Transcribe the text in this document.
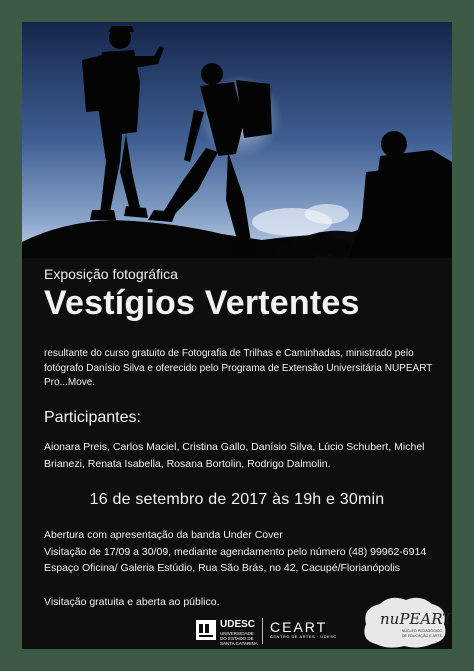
Exposição fotográfica
Vestígios Vertentes
resultante do curso gratuito de Fotografia de Trilhas e Caminhadas, ministrado pelo
fotógrafo Danísio Silva e oferecido pelo Programa de Extensão Universitária NUPEART
Pro...Move.
Participantes:
Aionara Preis, Carlos Maciel, Cristina Gallo, Danísio Silva, Lúcio Schubert, Michel
Brianezi, Renata Isabella, Rosana Bortolin, Rodrigo Dalmolin.
16 de setembro de 2017 às 19h e 30min
Abertura com apresentação da banda Under Cover
Visitação de 17/09 a 30/09, mediante agendamento pelo número (48) 99962-6914
Espaço Oficina/ Galeria Estúdio, Rua São Brás, no 42, Cacupé/Florianópolis
Visitação gratuita e aberta ao público.
UDESC
UNIVERSIDADE
DO ESTADO DE
SANTA CATARINA
CEART
CENTRO DE ARTES · UDESC
nuPEART
NÚCLEO PEDAGÓGICO DE EDUCAÇÃO E ARTE
